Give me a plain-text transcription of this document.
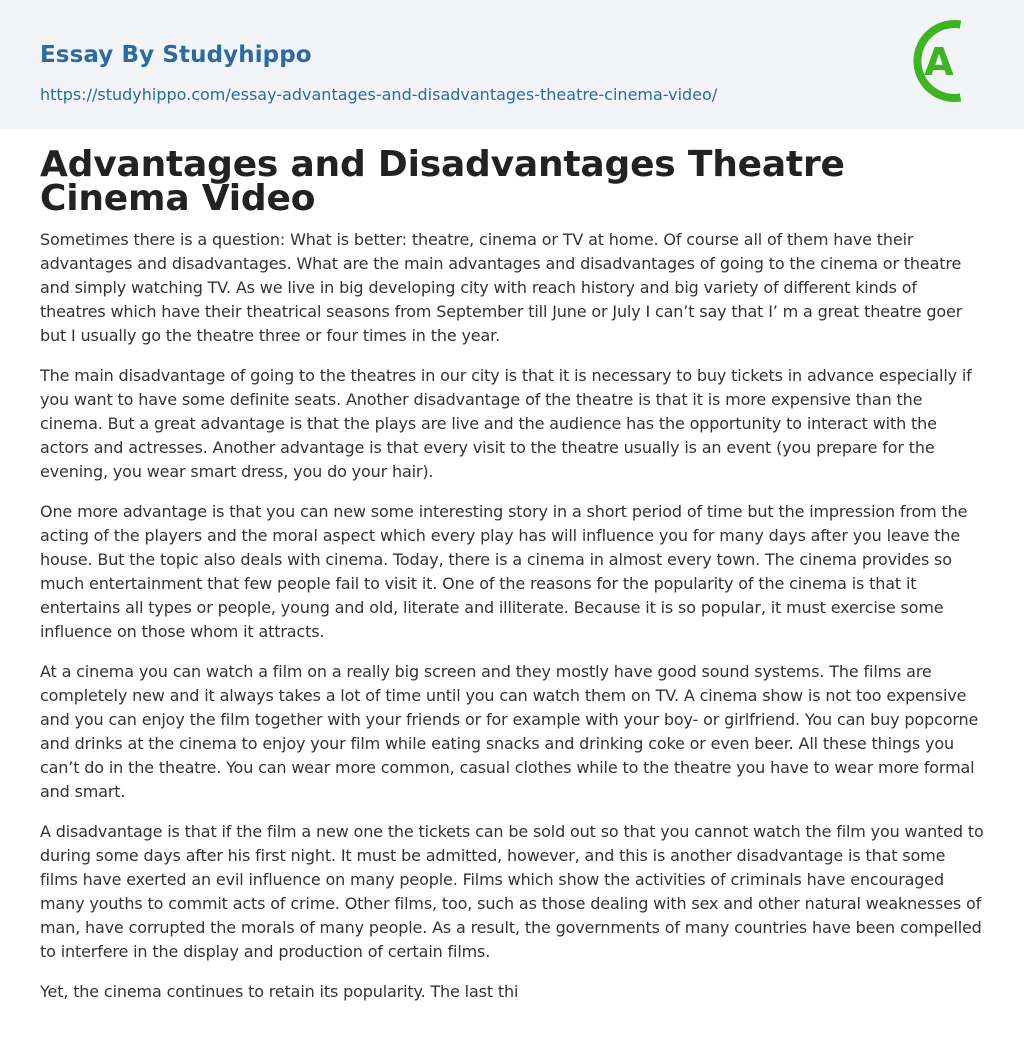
Essay By Studyhippo
https://studyhippo.com/essay-advantages-and-disadvantages-theatre-cinema-video/
A
Advantages and Disadvantages Theatre Cinema Video

Sometimes there is a question: What is better: theatre, cinema or TV at home. Of course all of them have their advantages and disadvantages. What are the main advantages and disadvantages of going to the cinema or theatre and simply watching TV. As we live in big developing city with reach history and big variety of different kinds of theatres which have their theatrical seasons from September till June or July I can’t say that I’ m a great theatre goer but I usually go the theatre three or four times in the year.

The main disadvantage of going to the theatres in our city is that it is necessary to buy tickets in advance especially if you want to have some definite seats. Another disadvantage of the theatre is that it is more expensive than the cinema. But a great advantage is that the plays are live and the audience has the opportunity to interact with the actors and actresses. Another advantage is that every visit to the theatre usually is an event (you prepare for the evening, you wear smart dress, you do your hair).

One more advantage is that you can new some interesting story in a short period of time but the impression from the acting of the players and the moral aspect which every play has will influence you for many days after you leave the house. But the topic also deals with cinema. Today, there is a cinema in almost every town. The cinema provides so much entertainment that few people fail to visit it. One of the reasons for the popularity of the cinema is that it entertains all types or people, young and old, literate and illiterate. Because it is so popular, it must exercise some influence on those whom it attracts.

At a cinema you can watch a film on a really big screen and they mostly have good sound systems. The films are completely new and it always takes a lot of time until you can watch them on TV. A cinema show is not too expensive and you can enjoy the film together with your friends or for example with your boy- or girlfriend. You can buy popcorne and drinks at the cinema to enjoy your film while eating snacks and drinking coke or even beer. All these things you can’t do in the theatre. You can wear more common, casual clothes while to the theatre you have to wear more formal and smart.

A disadvantage is that if the film a new one the tickets can be sold out so that you cannot watch the film you wanted to during some days after his first night. It must be admitted, however, and this is another disadvantage is that some films have exerted an evil influence on many people. Films which show the activities of criminals have encouraged many youths to commit acts of crime. Other films, too, such as those dealing with sex and other natural weaknesses of man, have corrupted the morals of many people. As a result, the governments of many countries have been compelled to interfere in the display and production of certain films.

Yet, the cinema continues to retain its popularity. The last thi
